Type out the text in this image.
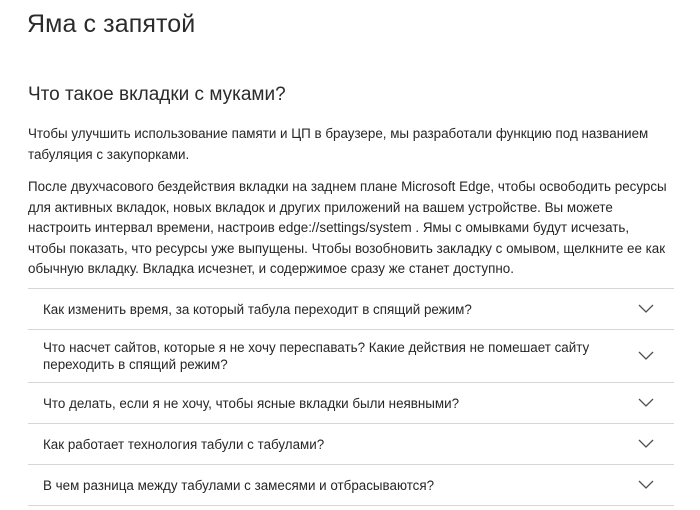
Яма с запятой
Что такое вкладки с муками?

Чтобы улучшить использование памяти и ЦП в браузере, мы разработали функцию под названием табуляция с закупорками.

После двухчасового бездействия вкладки на заднем плане Microsoft Edge, чтобы освободить ресурсы для активных вкладок, новых вкладок и других приложений на вашем устройстве. Вы можете настроить интервал времени, настроив edge://settings/system . Ямы с омывками будут исчезать, чтобы показать, что ресурсы уже выпущены. Чтобы возобновить закладку с омывом, щелкните ее как обычную вкладку. Вкладка исчезнет, и содержимое сразу же станет доступно.

Как изменить время, за который табула переходит в спящий режим?
Что насчет сайтов, которые я не хочу переспавать? Какие действия не помешает сайту переходить в спящий режим?
Что делать, если я не хочу, чтобы ясные вкладки были неявными?
Как работает технология табули с табулами?
В чем разница между табулами с замесями и отбрасываются?
